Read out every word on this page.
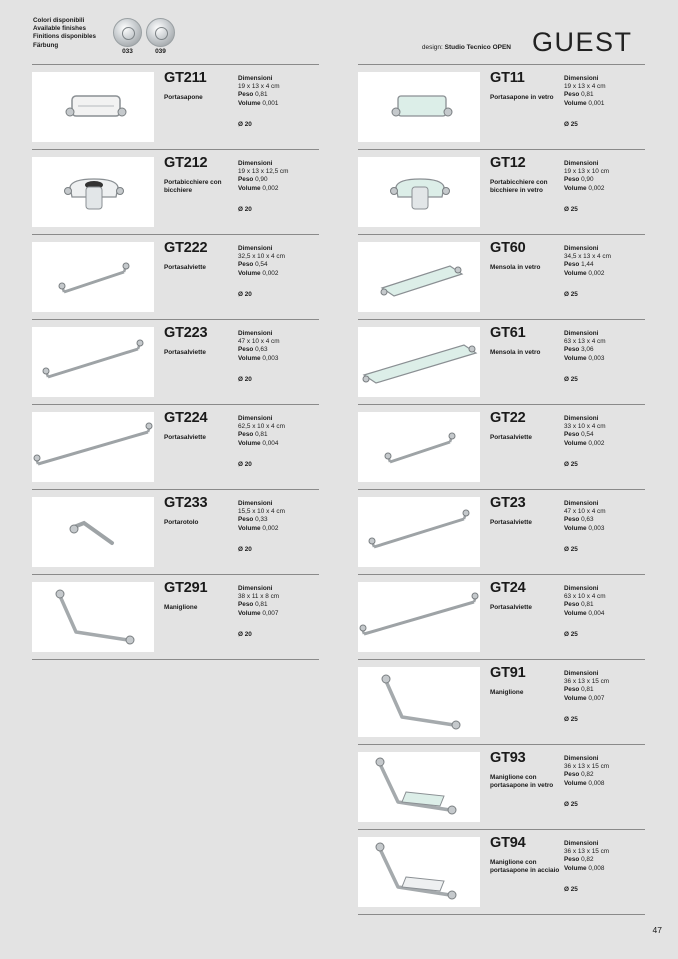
Colori disponibili
Available finishes
Finitions disponibles
Färbung
033	039
design: Studio Tecnico OPEN GUEST
GT211
Portasapone
Dimensioni
19 x 13 x 4 cm
Peso 0,81
Volume 0,001
Ø 20
GT212
Portabicchiere con bicchiere
Dimensioni
19 x 13 x 12,5 cm
Peso 0,90
Volume 0,002
Ø 20
GT222
Portasalviette
Dimensioni
32,5 x 10 x 4 cm
Peso 0,54
Volume 0,002
Ø 20
GT223
Portasalviette
Dimensioni
47 x 10 x 4 cm
Peso 0,63
Volume 0,003
Ø 20
GT224
Portasalviette
Dimensioni
62,5 x 10 x 4 cm
Peso 0,81
Volume 0,004
Ø 20
GT233
Portarotolo
Dimensioni
15,5 x 10 x 4 cm
Peso 0,33
Volume 0,002
Ø 20
GT291
Maniglione
Dimensioni
38 x 11 x 8 cm
Peso 0,81
Volume 0,007
Ø 20
GT11
Portasapone in vetro
Dimensioni
19 x 13 x 4 cm
Peso 0,81
Volume 0,001
Ø 25
GT12
Portabicchiere con bicchiere in vetro
Dimensioni
19 x 13 x 10 cm
Peso 0,90
Volume 0,002
Ø 25
GT60
Mensola in vetro
Dimensioni
34,5 x 13 x 4 cm
Peso 1,44
Volume 0,002
Ø 25
GT61
Mensola in vetro
Dimensioni
63 x 13 x 4 cm
Peso 3,06
Volume 0,003
Ø 25
GT22
Portasalviette
Dimensioni
33 x 10 x 4 cm
Peso 0,54
Volume 0,002
Ø 25
GT23
Portasalviette
Dimensioni
47 x 10 x 4 cm
Peso 0,63
Volume 0,003
Ø 25
GT24
Portasalviette
Dimensioni
63 x 10 x 4 cm
Peso 0,81
Volume 0,004
Ø 25
GT91
Maniglione
Dimensioni
36 x 13 x 15 cm
Peso 0,81
Volume 0,007
Ø 25
GT93
Maniglione con portasapone in vetro
Dimensioni
36 x 13 x 15 cm
Peso 0,82
Volume 0,008
Ø 25
GT94
Maniglione con portasapone in acciaio
Dimensioni
36 x 13 x 15 cm
Peso 0,82
Volume 0,008
Ø 25
47
